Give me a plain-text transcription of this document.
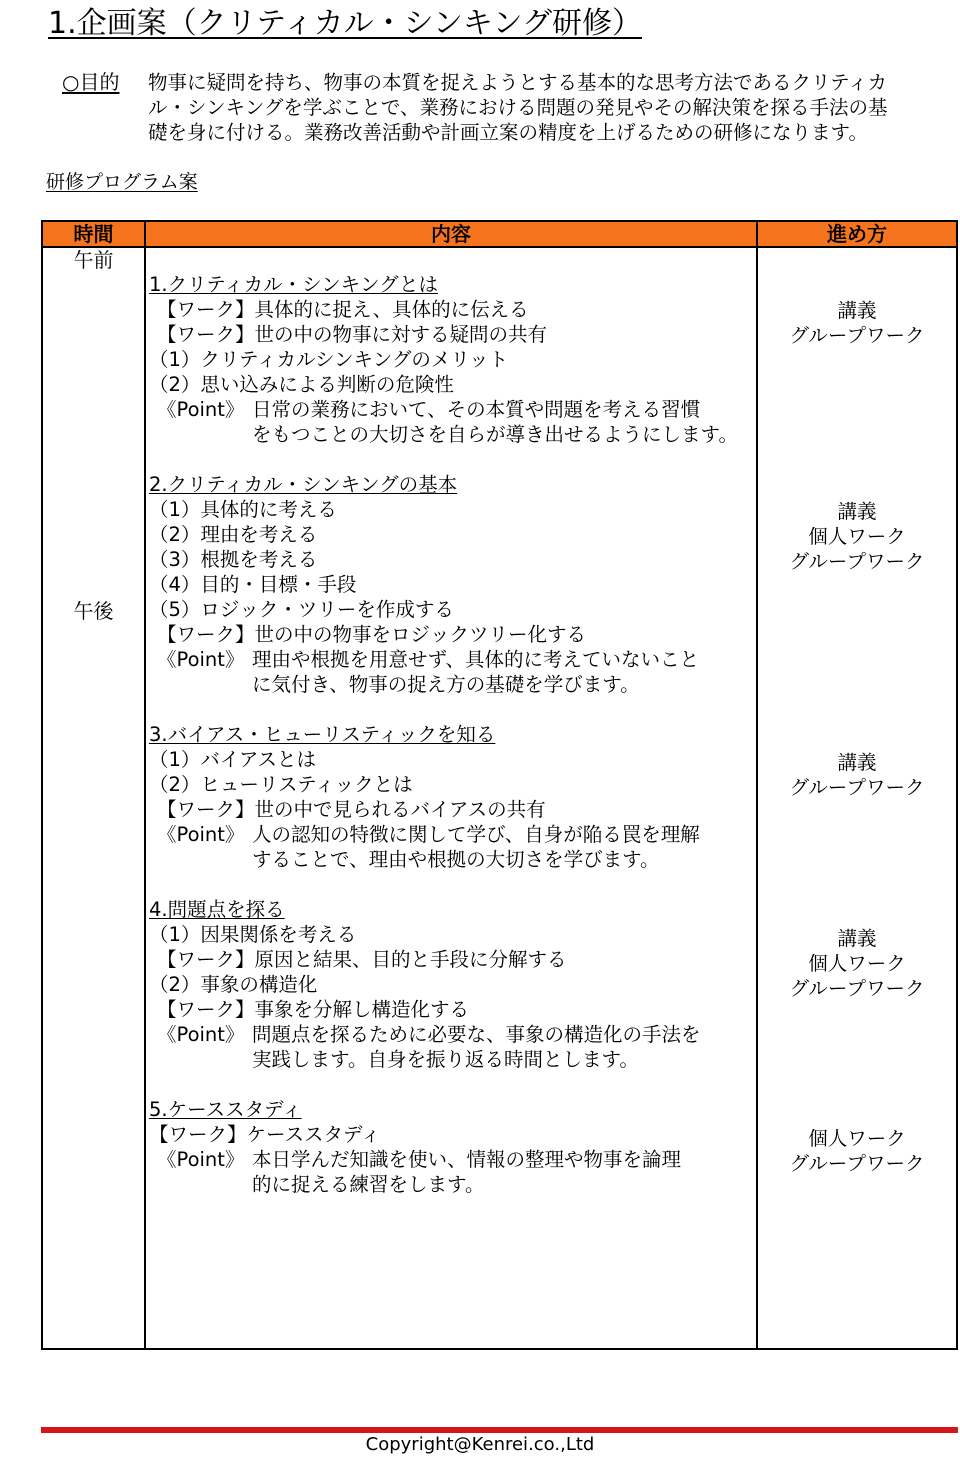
1.企画案（クリティカル・シンキング研修）
○目的 物事に疑問を持ち、物事の本質を捉えようとする基本的な思考方法であるクリティカ
ル・シンキングを学ぶことで、業務における問題の発見やその解決策を探る手法の基
礎を身に付ける。業務改善活動や計画立案の精度を上げるための研修になります。
研修プログラム案
時間	内容	進め方
午前
午後
1.クリティカル・シンキングとは
【ワーク】具体的に捉え、具体的に伝える
【ワーク】世の中の物事に対する疑問の共有
（1）クリティカルシンキングのメリット
（2）思い込みによる判断の危険性
《Point》 日常の業務において、その本質や問題を考える習慣
をもつことの大切さを自らが導き出せるようにします。
2.クリティカル・シンキングの基本
（1）具体的に考える
（2）理由を考える
（3）根拠を考える
（4）目的・目標・手段
（5）ロジック・ツリーを作成する
【ワーク】世の中の物事をロジックツリー化する
《Point》 理由や根拠を用意せず、具体的に考えていないこと
に気付き、物事の捉え方の基礎を学びます。
3.バイアス・ヒューリスティックを知る
（1）バイアスとは
（2）ヒューリスティックとは
【ワーク】世の中で見られるバイアスの共有
《Point》 人の認知の特徴に関して学び、自身が陥る罠を理解
することで、理由や根拠の大切さを学びます。
4.問題点を探る
（1）因果関係を考える
【ワーク】原因と結果、目的と手段に分解する
（2）事象の構造化
【ワーク】事象を分解し構造化する
《Point》 問題点を探るために必要な、事象の構造化の手法を
実践します。自身を振り返る時間とします。
5.ケーススタディ
【ワーク】ケーススタディ
《Point》 本日学んだ知識を使い、情報の整理や物事を論理
的に捉える練習をします。
講義
グループワーク
講義
個人ワーク
グループワーク
講義
グループワーク
講義
個人ワーク
グループワーク
個人ワーク
グループワーク
Copyright@Kenrei.co.,Ltd
